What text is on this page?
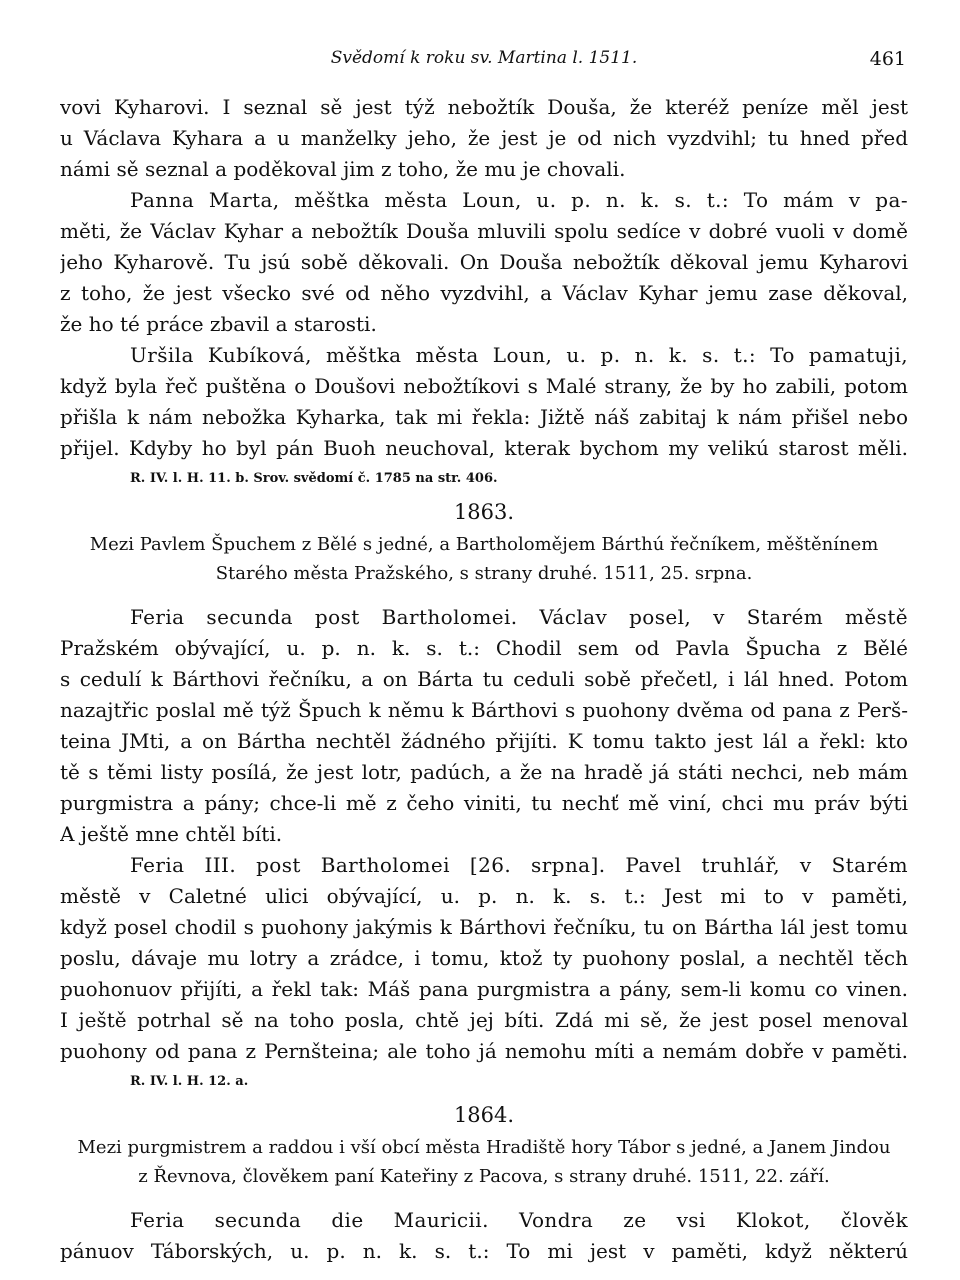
Svědomí k roku sv. Martina l. 1511.	461
vovi Kyharovi. I seznal sě jest týž nebožtík Douša, že kteréž peníze měl jest
u Václava Kyhara a u manželky jeho, že jest je od nich vyzdvihl; tu hned před
námi sě seznal a poděkoval jim z toho, že mu je chovali.
Panna Marta, měštka města Loun, u. p. n. k. s. t.: To mám v pa-
měti, že Václav Kyhar a nebožtík Douša mluvili spolu sedíce v dobré vuoli v domě
jeho Kyharově. Tu jsú sobě děkovali. On Douša nebožtík děkoval jemu Kyharovi
z toho, že jest všecko své od něho vyzdvihl, a Václav Kyhar jemu zase děkoval,
že ho té práce zbavil a starosti.
Uršila Kubíková, měštka města Loun, u. p. n. k. s. t.: To pamatuji,
když byla řeč puštěna o Doušovi nebožtíkovi s Malé strany, že by ho zabili, potom
přišla k nám nebožka Kyharka, tak mi řekla: Jižtě náš zabitaj k nám přišel nebo
přijel. Kdyby ho byl pán Buoh neuchoval, kterak bychom my velikú starost měli.
R. IV. l. H. 11. b. Srov. svědomí č. 1785 na str. 406.
1863.
Mezi Pavlem Špuchem z Bělé s jedné, a Bartholomějem Bárthú řečníkem, měštěnínem
Starého města Pražského, s strany druhé. 1511, 25. srpna.
Feria secunda post Bartholomei. Václav posel, v Starém městě
Pražském obývající, u. p. n. k. s. t.: Chodil sem od Pavla Špucha z Bělé
s cedulí k Bárthovi řečníku, a on Bárta tu ceduli sobě přečetl, i lál hned. Potom
nazajtřic poslal mě týž Špuch k němu k Bárthovi s puohony dvěma od pana z Perš-
teina JMti, a on Bártha nechtěl žádného přijíti. K tomu takto jest lál a řekl: kto
tě s těmi listy posílá, že jest lotr, padúch, a že na hradě já státi nechci, neb mám
purgmistra a pány; chce-li mě z čeho viniti, tu nechť mě viní, chci mu práv býti
A ještě mne chtěl bíti.
Feria III. post Bartholomei [26. srpna]. Pavel truhlář, v Starém
městě v Caletné ulici obývající, u. p. n. k. s. t.: Jest mi to v paměti,
když posel chodil s puohony jakýmis k Bárthovi řečníku, tu on Bártha lál jest tomu
poslu, dávaje mu lotry a zrádce, i tomu, ktož ty puohony poslal, a nechtěl těch
puohonuov přijíti, a řekl tak: Máš pana purgmistra a pány, sem-li komu co vinen.
I ještě potrhal sě na toho posla, chtě jej bíti. Zdá mi sě, že jest posel menoval
puohony od pana z Pernšteina; ale toho já nemohu míti a nemám dobře v paměti.
R. IV. l. H. 12. a.
1864.
Mezi purgmistrem a raddou i vší obcí města Hradiště hory Tábor s jedné, a Janem Jindou
z Řevnova, člověkem paní Kateřiny z Pacova, s strany druhé. 1511, 22. září.
Feria secunda die Mauricii. Vondra ze vsi Klokot, člověk
pánuov Táborských, u. p. n. k. s. t.: To mi jest v paměti, když některú
